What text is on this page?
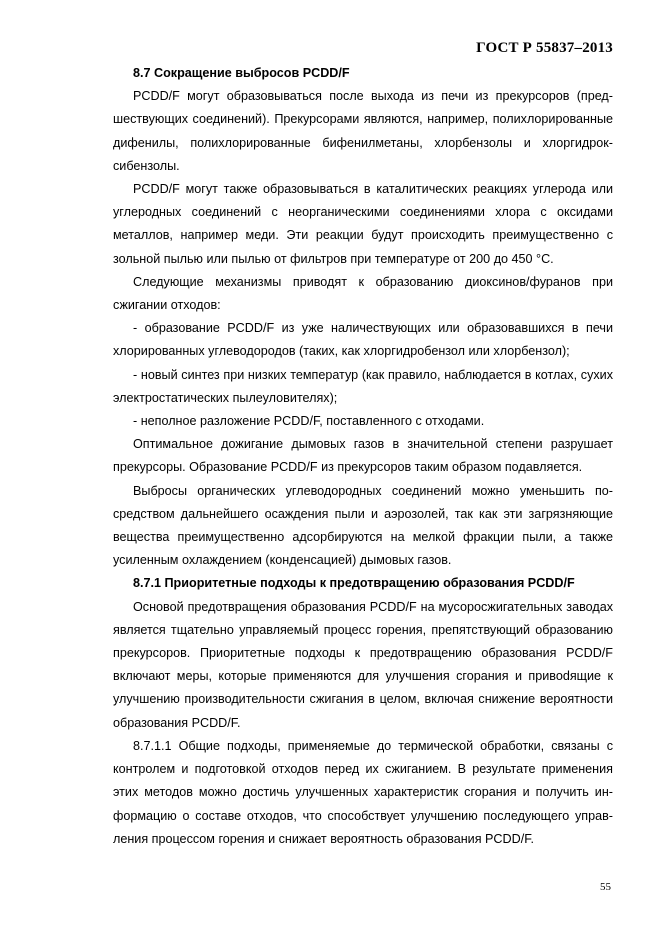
ГОСТ Р 55837–2013
8.7 Сокращение выбросов PCDD/F

PCDD/F могут образовываться после выхода из печи из прекурсоров (предшествующих соединений). Прекурсорами являются, например, полихлорированные дифенилы, полихлорированные бифенилметаны, хлорбензолы и хлоргидроксибензолы.

PCDD/F могут также образовываться в каталитических реакциях углерода или углеродных соединений с неорганическими соединениями хлора с оксидами металлов, например меди. Эти реакции будут происходить преимущественно с зольной пылью или пылью от фильтров при температуре от 200 до 450 °С.

Следующие механизмы приводят к образованию диоксинов/фуранов при сжигании отходов:

- образование PCDD/F из уже наличествующих или образовавшихся в печи хлорированных углеводородов (таких, как хлоргидробензол или хлорбензол);

- новый синтез при низких температур (как правило, наблюдается в котлах, сухих электростатических пылеуловителях);

- неполное разложение PCDD/F, поставленного с отходами.

Оптимальное дожигание дымовых газов в значительной степени разрушает прекурсоры. Образование PCDD/F из прекурсоров таким образом подавляется.

Выбросы органических углеводородных соединений можно уменьшить посредством дальнейшего осаждения пыли и аэрозолей, так как эти загрязняющие вещества преимущественно адсорбируются на мелкой фракции пыли, а также усиленным охлаждением (конденсацией) дымовых газов.

8.7.1 Приоритетные подходы к предотвращению образования PCDD/F

Основой предотвращения образования PCDD/F на мусоросжигательных заводах является тщательно управляемый процесс горения, препятствующий образованию прекурсоров. Приоритетные подходы к предотвращению образования PCDD/F включают меры, которые применяются для улучшения сгорания и привоdящие к улучшению производительности сжигания в целом, включая снижение вероятности образования PCDD/F.

8.7.1.1 Общие подходы, применяемые до термической обработки, связаны с контролем и подготовкой отходов перед их сжиганием. В результате применения этих методов можно достичь улучшенных характеристик сгорания и получить информацию о составе отходов, что способствует улучшению последующего управления процессом горения и снижает вероятность образования PCDD/F.

55
